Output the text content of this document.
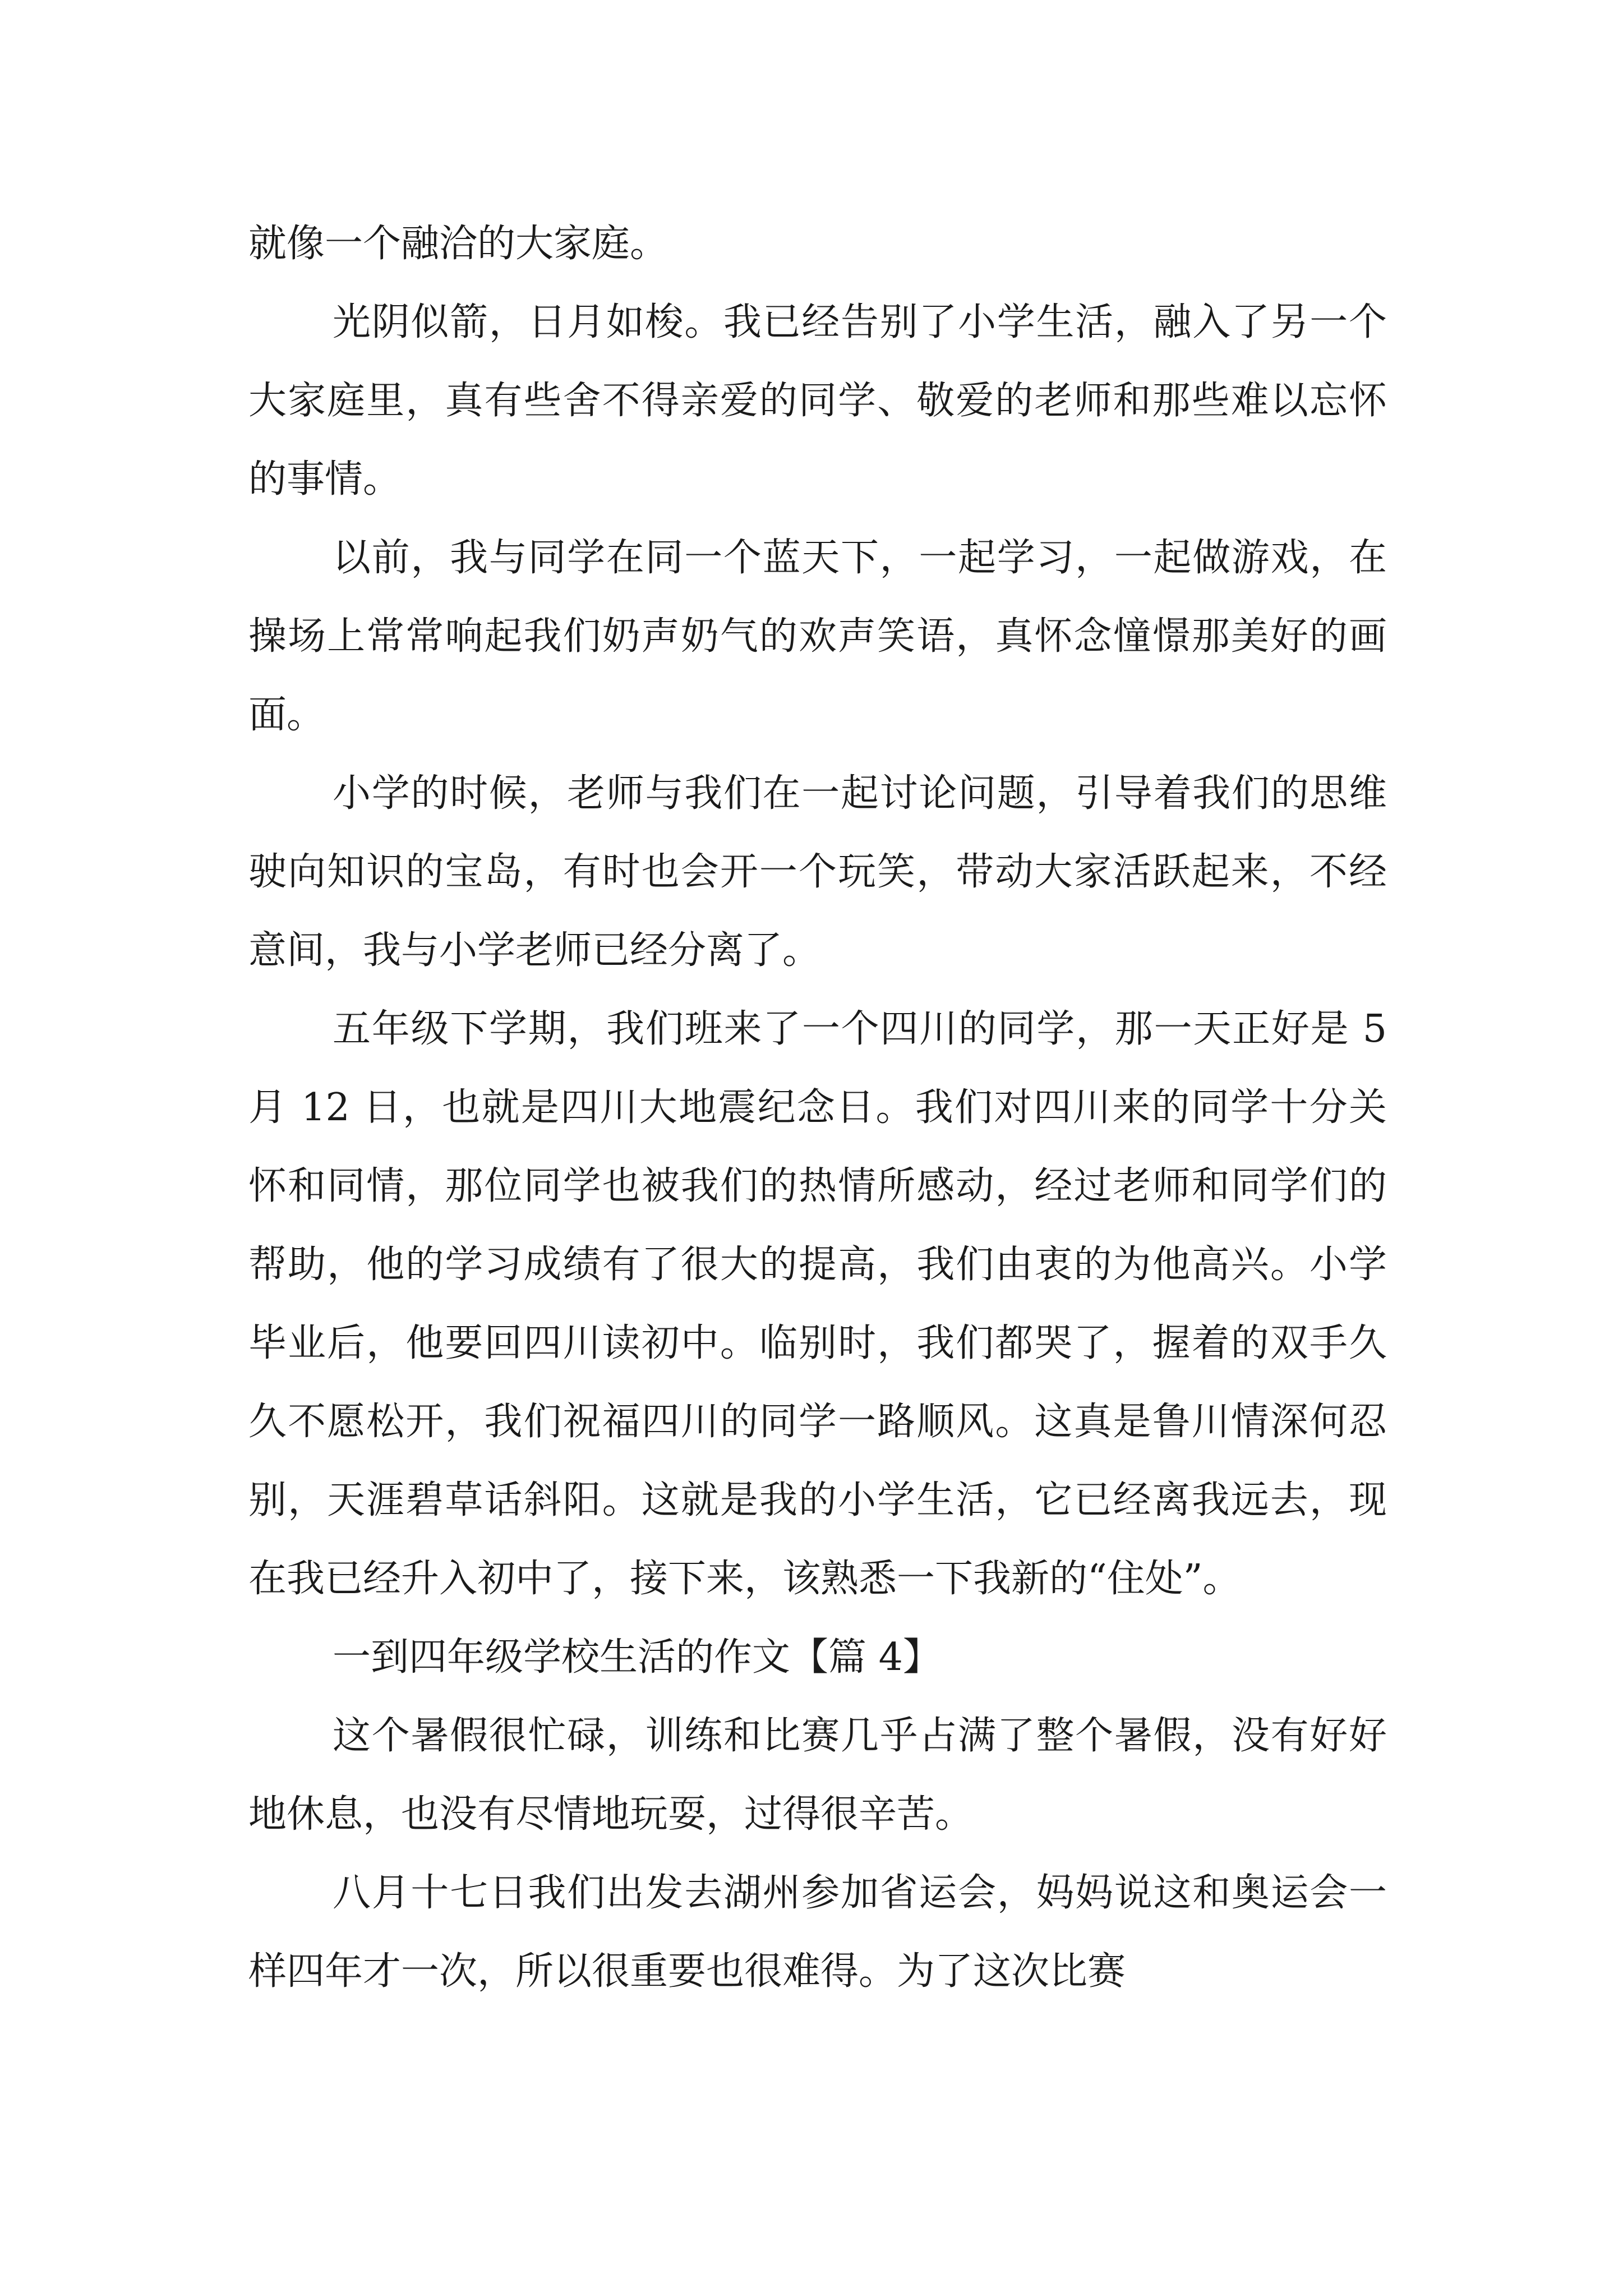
就像一个融洽的大家庭。

光阴似箭，日月如梭。我已经告别了小学生活，融入了另一个大家庭里，真有些舍不得亲爱的同学、敬爱的老师和那些难以忘怀的事情。

以前，我与同学在同一个蓝天下，一起学习，一起做游戏，在操场上常常响起我们奶声奶气的欢声笑语，真怀念憧憬那美好的画面。

小学的时候，老师与我们在一起讨论问题，引导着我们的思维驶向知识的宝岛，有时也会开一个玩笑，带动大家活跃起来，不经意间，我与小学老师已经分离了。

五年级下学期，我们班来了一个四川的同学，那一天正好是 5 月 12 日，也就是四川大地震纪念日。我们对四川来的同学十分关怀和同情，那位同学也被我们的热情所感动，经过老师和同学们的帮助，他的学习成绩有了很大的提高，我们由衷的为他高兴。小学毕业后，他要回四川读初中。临别时，我们都哭了，握着的双手久久不愿松开，我们祝福四川的同学一路顺风。这真是鲁川情深何忍别，天涯碧草话斜阳。这就是我的小学生活，它已经离我远去，现在我已经升入初中了，接下来，该熟悉一下我新的“住处”。

一到四年级学校生活的作文【篇 4】

这个暑假很忙碌，训练和比赛几乎占满了整个暑假，没有好好地休息，也没有尽情地玩耍，过得很辛苦。

八月十七日我们出发去湖州参加省运会，妈妈说这和奥运会一样四年才一次，所以很重要也很难得。为了这次比赛
